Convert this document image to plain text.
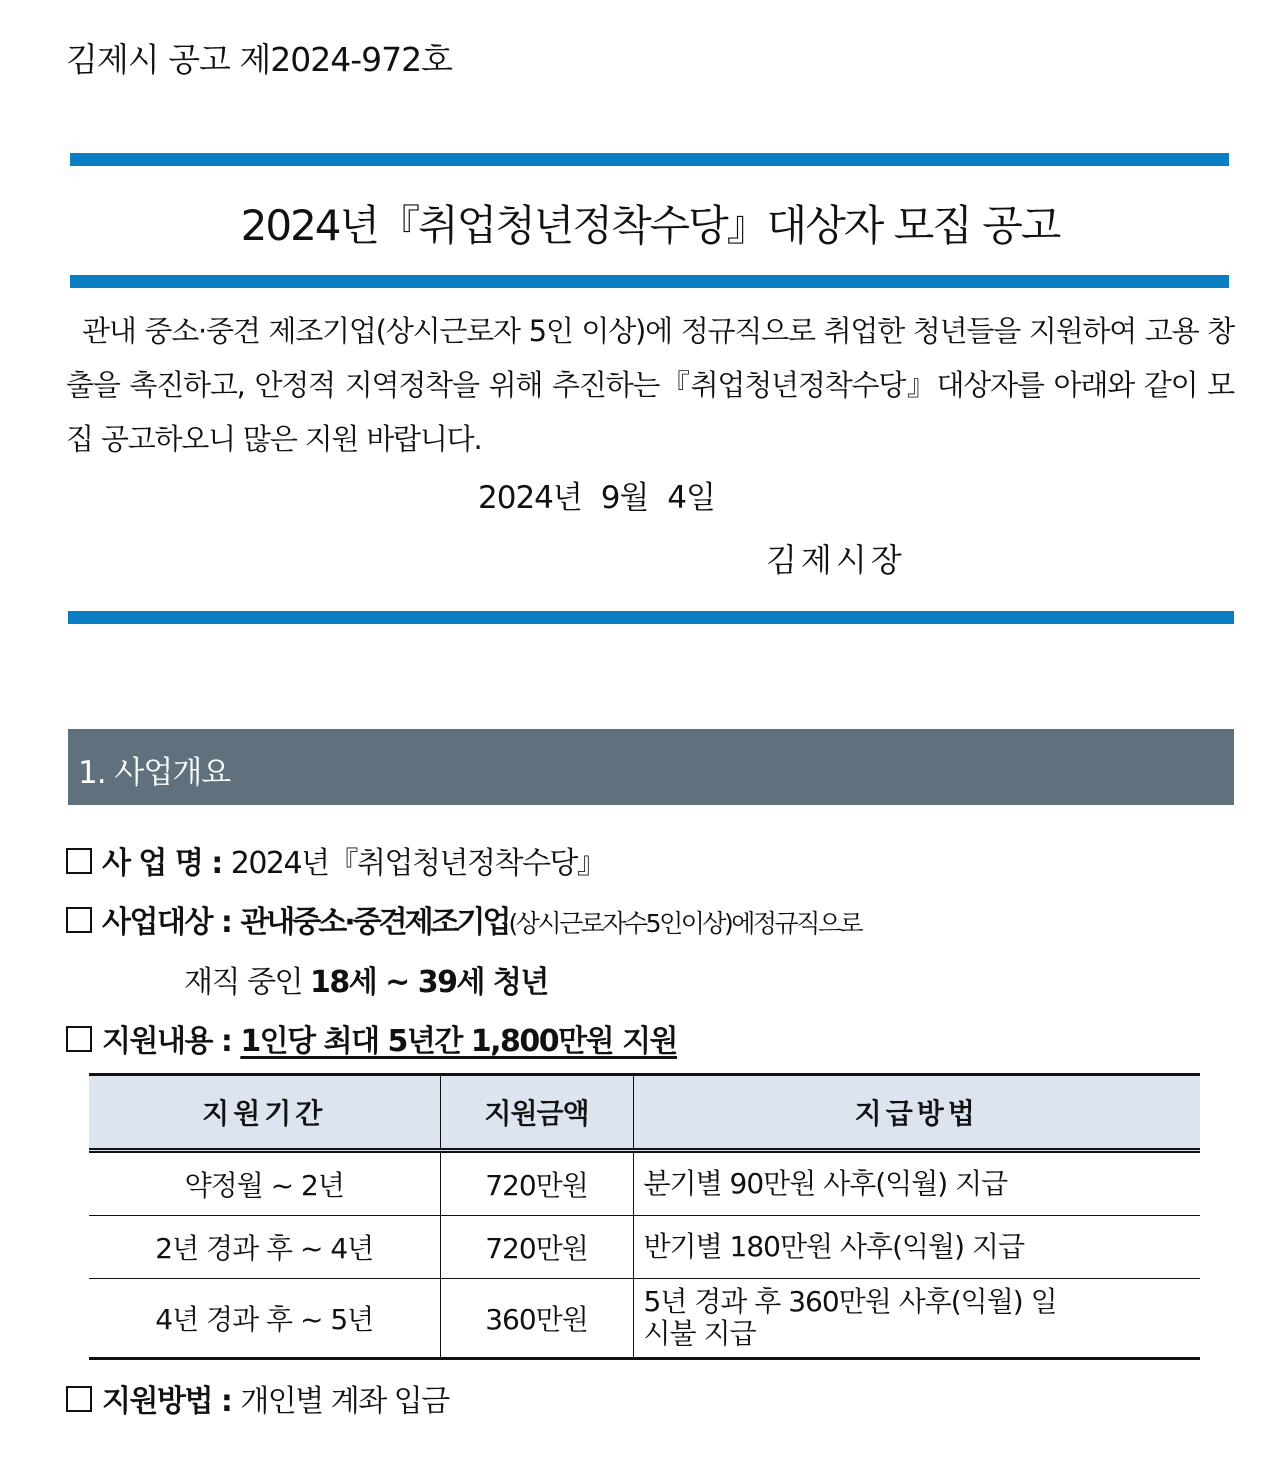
김제시 공고 제2024-972호
2024년『취업청년정착수당』대상자 모집 공고

관내 중소·중견 제조기업(상시근로자 5인 이상)에 정규직으로 취업한 청년들을 지원하여 고용 창출을 촉진하고, 안정적 지역정착을 위해 추진하는『취업청년정착수당』대상자를 아래와 같이 모집 공고하오니 많은 지원 바랍니다.

2024년 9월 4일
김제시장
1. 사업개요
사 업 명 : 2024년『취업청년정착수당』
사업대상 : 관내중소·중견제조기업(상시근로자수5인이상)에정규직으로
재직 중인 18세 ~ 39세 청년
지원내용 : 1인당 최대 5년간 1,800만원 지원
지원기간	지원금액	지급방법
약정월 ~ 2년	720만원	분기별 90만원 사후(익월) 지급
2년 경과 후 ~ 4년	720만원	반기별 180만원 사후(익월) 지급
4년 경과 후 ~ 5년	360만원	5년 경과 후 360만원 사후(익월) 일시불 지급
지원방법 : 개인별 계좌 입금
